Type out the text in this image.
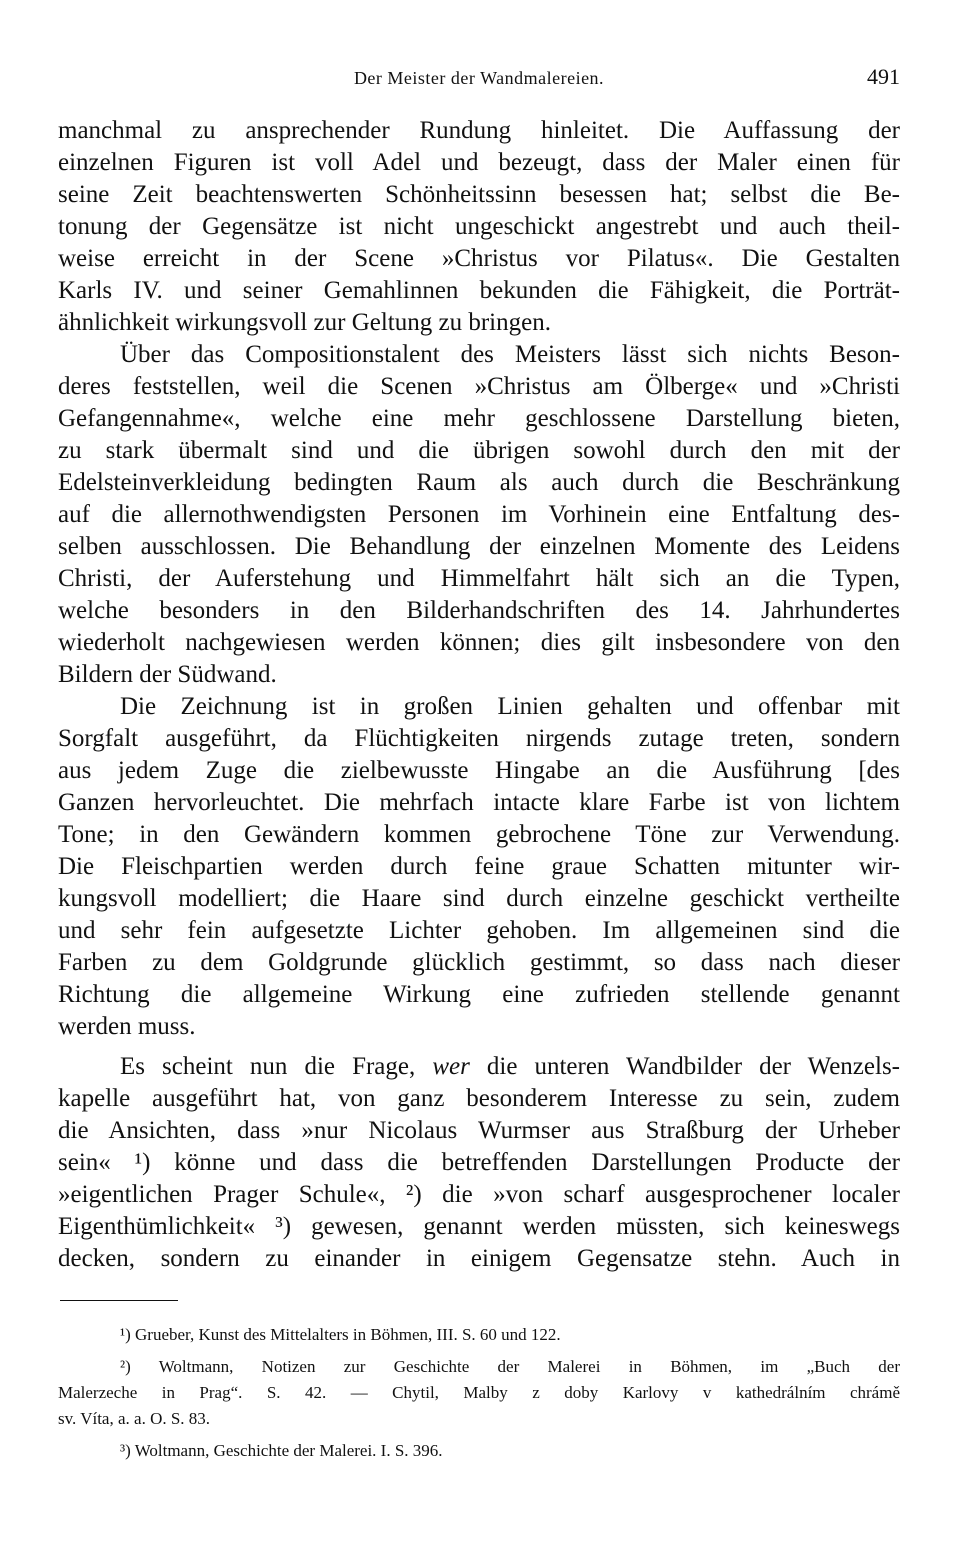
Der Meister der Wandmalereien.	491
manchmal zu ansprechender Rundung hinleitet. Die Auffassung der
einzelnen Figuren ist voll Adel und bezeugt, dass der Maler einen für
seine Zeit beachtenswerten Schönheitssinn besessen hat; selbst die Be-
tonung der Gegensätze ist nicht ungeschickt angestrebt und auch theil-
weise erreicht in der Scene »Christus vor Pilatus«. Die Gestalten
Karls IV. und seiner Gemahlinnen bekunden die Fähigkeit, die Porträt-
ähnlichkeit wirkungsvoll zur Geltung zu bringen.
Über das Compositionstalent des Meisters lässt sich nichts Beson-
deres feststellen, weil die Scenen »Christus am Ölberge« und »Christi
Gefangennahme«, welche eine mehr geschlossene Darstellung bieten,
zu stark übermalt sind und die übrigen sowohl durch den mit der
Edelsteinverkleidung bedingten Raum als auch durch die Beschränkung
auf die allernothwendigsten Personen im Vorhinein eine Entfaltung des-
selben ausschlossen. Die Behandlung der einzelnen Momente des Leidens
Christi, der Auferstehung und Himmelfahrt hält sich an die Typen,
welche besonders in den Bilderhandschriften des 14. Jahrhundertes
wiederholt nachgewiesen werden können; dies gilt insbesondere von den
Bildern der Südwand.
Die Zeichnung ist in großen Linien gehalten und offenbar mit
Sorgfalt ausgeführt, da Flüchtigkeiten nirgends zutage treten, sondern
aus jedem Zuge die zielbewusste Hingabe an die Ausführung [des
Ganzen hervorleuchtet. Die mehrfach intacte klare Farbe ist von lichtem
Tone; in den Gewändern kommen gebrochene Töne zur Verwendung.
Die Fleischpartien werden durch feine graue Schatten mitunter wir-
kungsvoll modelliert; die Haare sind durch einzelne geschickt vertheilte
und sehr fein aufgesetzte Lichter gehoben. Im allgemeinen sind die
Farben zu dem Goldgrunde glücklich gestimmt, so dass nach dieser
Richtung die allgemeine Wirkung eine zufrieden stellende genannt
werden muss.
Es scheint nun die Frage, wer die unteren Wandbilder der Wenzels-
kapelle ausgeführt hat, von ganz besonderem Interesse zu sein, zudem
die Ansichten, dass »nur Nicolaus Wurmser aus Straßburg der Urheber
sein« ¹) könne und dass die betreffenden Darstellungen Producte der
»eigentlichen Prager Schule«, ²) die »von scharf ausgesprochener localer
Eigenthümlichkeit« ³) gewesen, genannt werden müssten, sich keineswegs
decken, sondern zu einander in einigem Gegensatze stehn. Auch in
¹) Grueber, Kunst des Mittelalters in Böhmen, III. S. 60 und 122.
²) Woltmann, Notizen zur Geschichte der Malerei in Böhmen, im „Buch der
Malerzeche in Prag“. S. 42. — Chytil, Malby z doby Karlovy v kathedrálním chrámě
sv. Víta, a. a. O. S. 83.
³) Woltmann, Geschichte der Malerei. I. S. 396.
